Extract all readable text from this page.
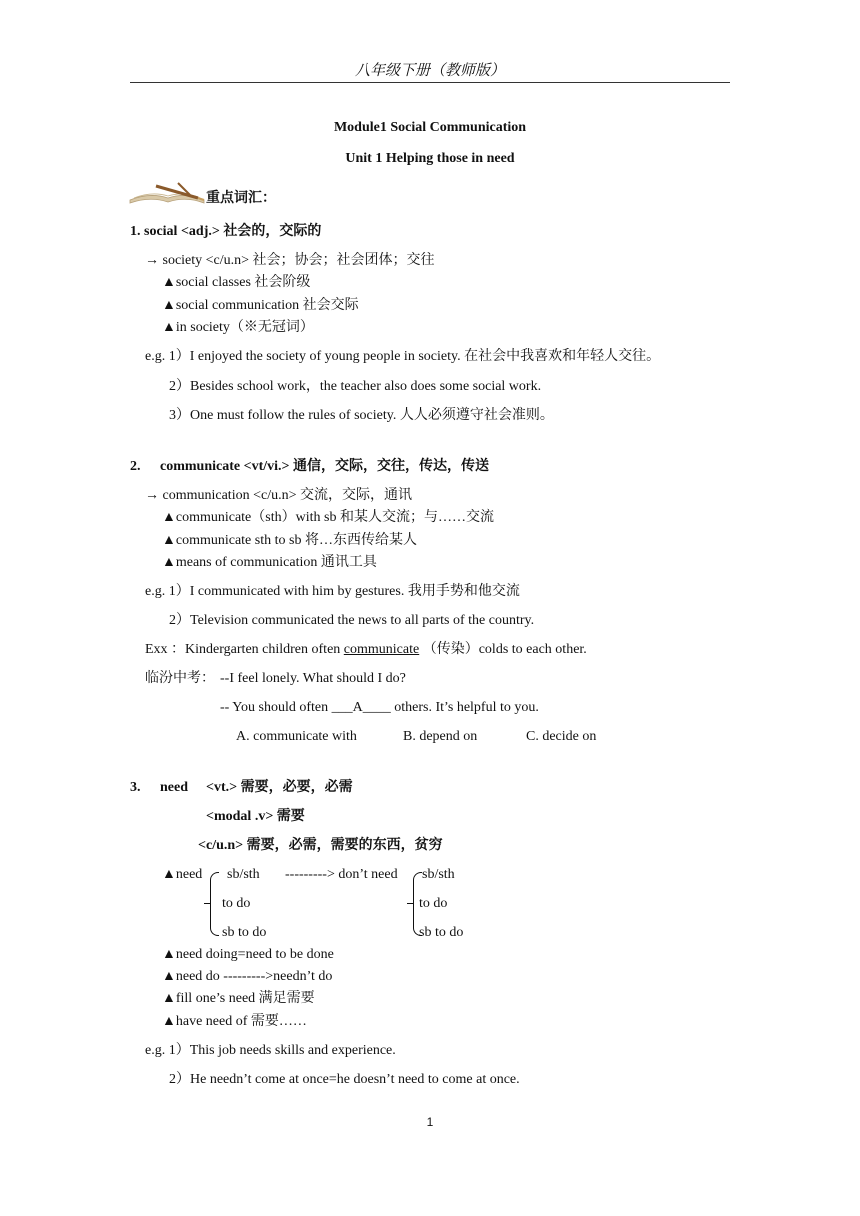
八年级下册（教师版）
Module1 Social Communication
Unit 1 Helping those in need
重点词汇：
1. social <adj.> 社会的，交际的
→ society <c/u.n> 社会；协会；社会团体；交往
▲social classes 社会阶级
▲social communication 社会交际
▲in society（※无冠词）
e.g. 1）I enjoyed the society of young people in society. 在社会中我喜欢和年轻人交往。
2）Besides school work，the teacher also does some social work.
3）One must follow the rules of society. 人人必须遵守社会准则。
2. communicate <vt/vi.> 通信，交际，交往，传达，传送
→ communication <c/u.n> 交流，交际，通讯
▲communicate（sth）with sb 和某人交流；与……交流
▲communicate sth to sb 将…东西传给某人
▲means of communication 通讯工具
e.g. 1）I communicated with him by gestures. 我用手势和他交流
2）Television communicated the news to all parts of the country.
Exx ：Kindergarten children often communicate （传染）colds to each other.
临汾中考： --I feel lonely. What should I do?
-- You should often ___A____ others. It’s helpful to you.
A. communicate with	B. depend on	C. decide on
3. need <vt.> 需要，必要，必需
<modal .v> 需要
<c/u.n> 需要，必需，需要的东西，贫穷
▲need sb/sth
to do
sb to do
---------> don’t need sb/sth
to do
sb to do
▲need doing=need to be done
▲need do --------->needn’t do
▲fill one’s need 满足需要
▲have need of 需要……
e.g. 1）This job needs skills and experience.
2）He needn’t come at once=he doesn’t need to come at once.
1
